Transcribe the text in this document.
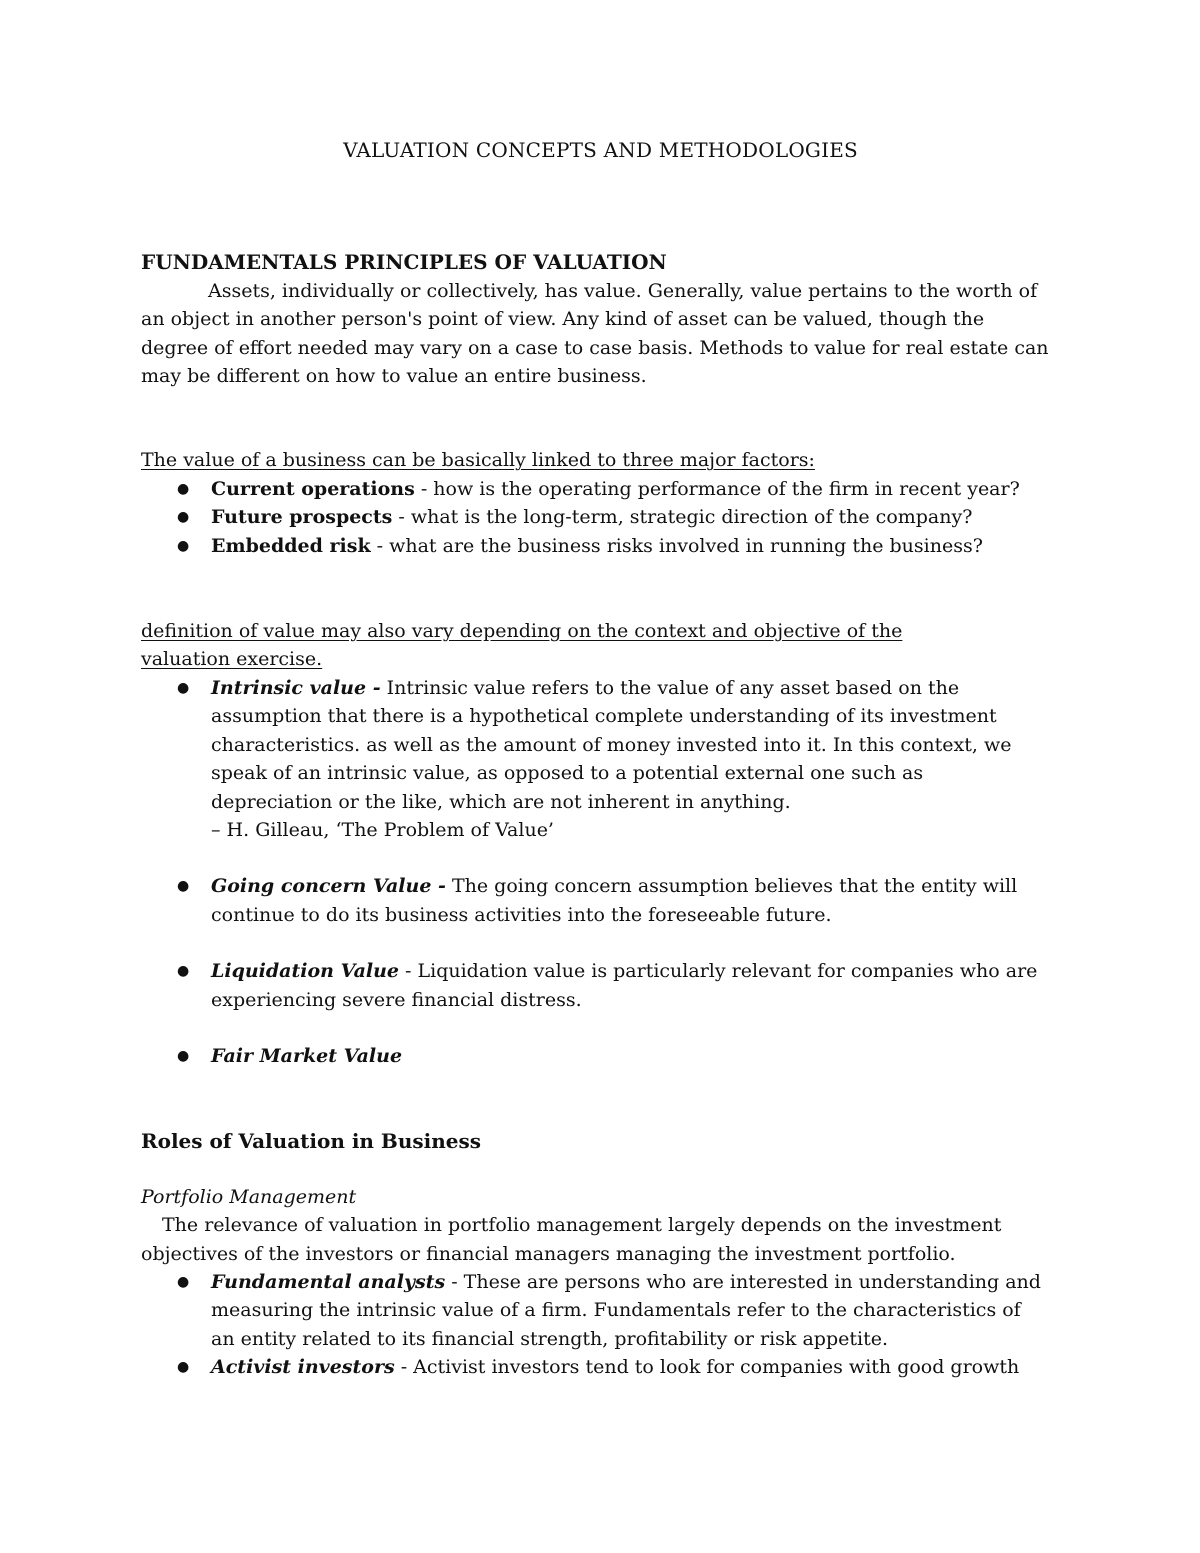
VALUATION CONCEPTS AND METHODOLOGIES

FUNDAMENTALS PRINCIPLES OF VALUATION

Assets, individually or collectively, has value. Generally, value pertains to the worth of an object in another person's point of view. Any kind of asset can be valued, though the degree of effort needed may vary on a case to case basis. Methods to value for real estate can may be different on how to value an entire business.

The value of a business can be basically linked to three major factors:

● Current operations - how is the operating performance of the firm in recent year?
● Future prospects - what is the long-term, strategic direction of the company?
● Embedded risk - what are the business risks involved in running the business?

definition of value may also vary depending on the context and objective of the valuation exercise.

● Intrinsic value - Intrinsic value refers to the value of any asset based on the assumption that there is a hypothetical complete understanding of its investment characteristics. as well as the amount of money invested into it. In this context, we speak of an intrinsic value, as opposed to a potential external one such as depreciation or the like, which are not inherent in anything.
– H. Gilleau, ‘The Problem of Value’
● Going concern Value - The going concern assumption believes that the entity will continue to do its business activities into the foreseeable future.
● Liquidation Value - Liquidation value is particularly relevant for companies who are experiencing severe financial distress.
● Fair Market Value

Roles of Valuation in Business

Portfolio Management

The relevance of valuation in portfolio management largely depends on the investment objectives of the investors or financial managers managing the investment portfolio.

● Fundamental analysts - These are persons who are interested in understanding and measuring the intrinsic value of a firm. Fundamentals refer to the characteristics of an entity related to its financial strength, profitability or risk appetite.
● Activist investors - Activist investors tend to look for companies with good growth
